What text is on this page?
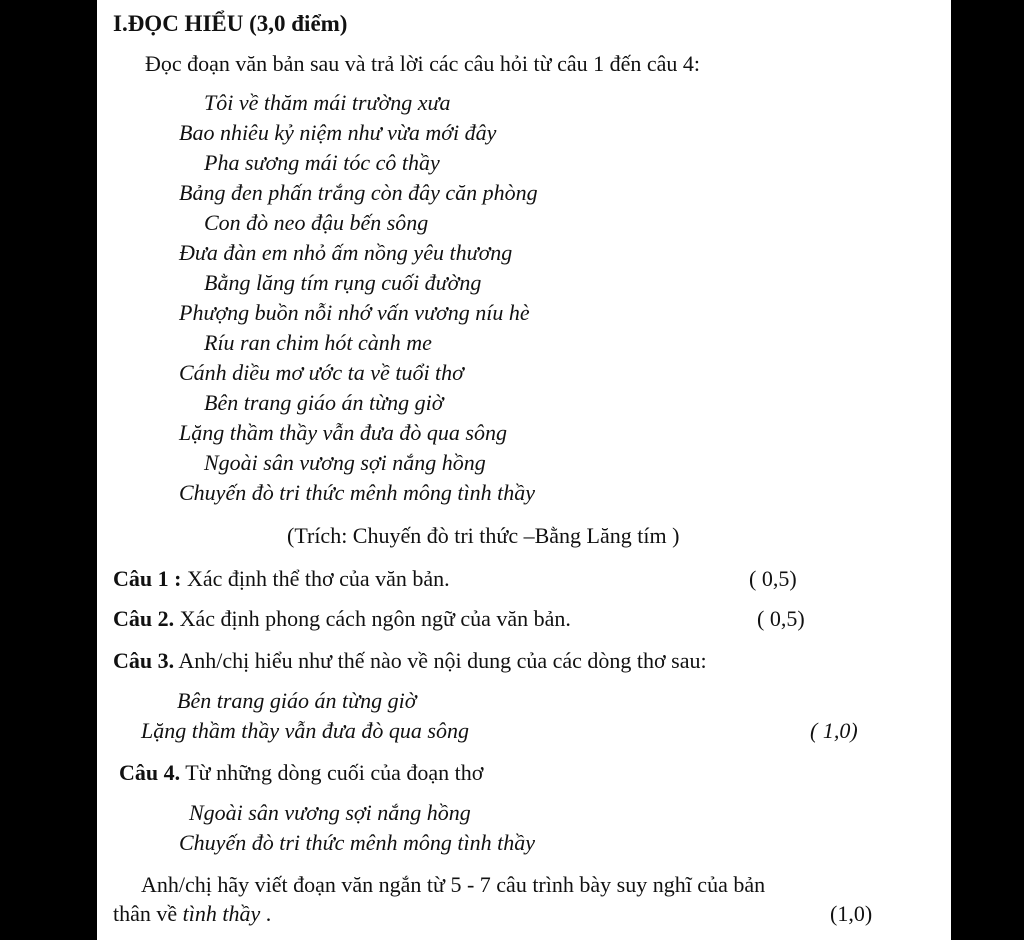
I.ĐỌC HIỂU (3,0 điểm)
Đọc đoạn văn bản sau và trả lời các câu hỏi từ câu 1 đến câu 4:
Tôi về thăm mái trường xưa
Bao nhiêu kỷ niệm như vừa mới đây
Pha sương mái tóc cô thầy
Bảng đen phấn trắng còn đây căn phòng
Con đò neo đậu bến sông
Đưa đàn em nhỏ ấm nồng yêu thương
Bằng lăng tím rụng cuối đường
Phượng buồn nỗi nhớ vấn vương níu hè
Ríu ran chim hót cành me
Cánh diều mơ ước ta về tuổi thơ
Bên trang giáo án từng giờ
Lặng thầm thầy vẫn đưa đò qua sông
Ngoài sân vương sợi nắng hồng
Chuyến đò tri thức mênh mông tình thầy
(Trích: Chuyến đò tri thức –Bằng Lăng tím )
Câu 1 : Xác định thể thơ của văn bản.	( 0,5)
Câu 2. Xác định phong cách ngôn ngữ của văn bản.	( 0,5)
Câu 3. Anh/chị hiểu như thế nào về nội dung của các dòng thơ sau:
Bên trang giáo án từng giờ
Lặng thầm thầy vẫn đưa đò qua sông	( 1,0)
Câu 4. Từ những dòng cuối của đoạn thơ
Ngoài sân vương sợi nắng hồng
Chuyến đò tri thức mênh mông tình thầy
Anh/chị hãy viết đoạn văn ngắn từ 5 - 7 câu trình bày suy nghĩ của bản
thân về tình thầy .	(1,0)
